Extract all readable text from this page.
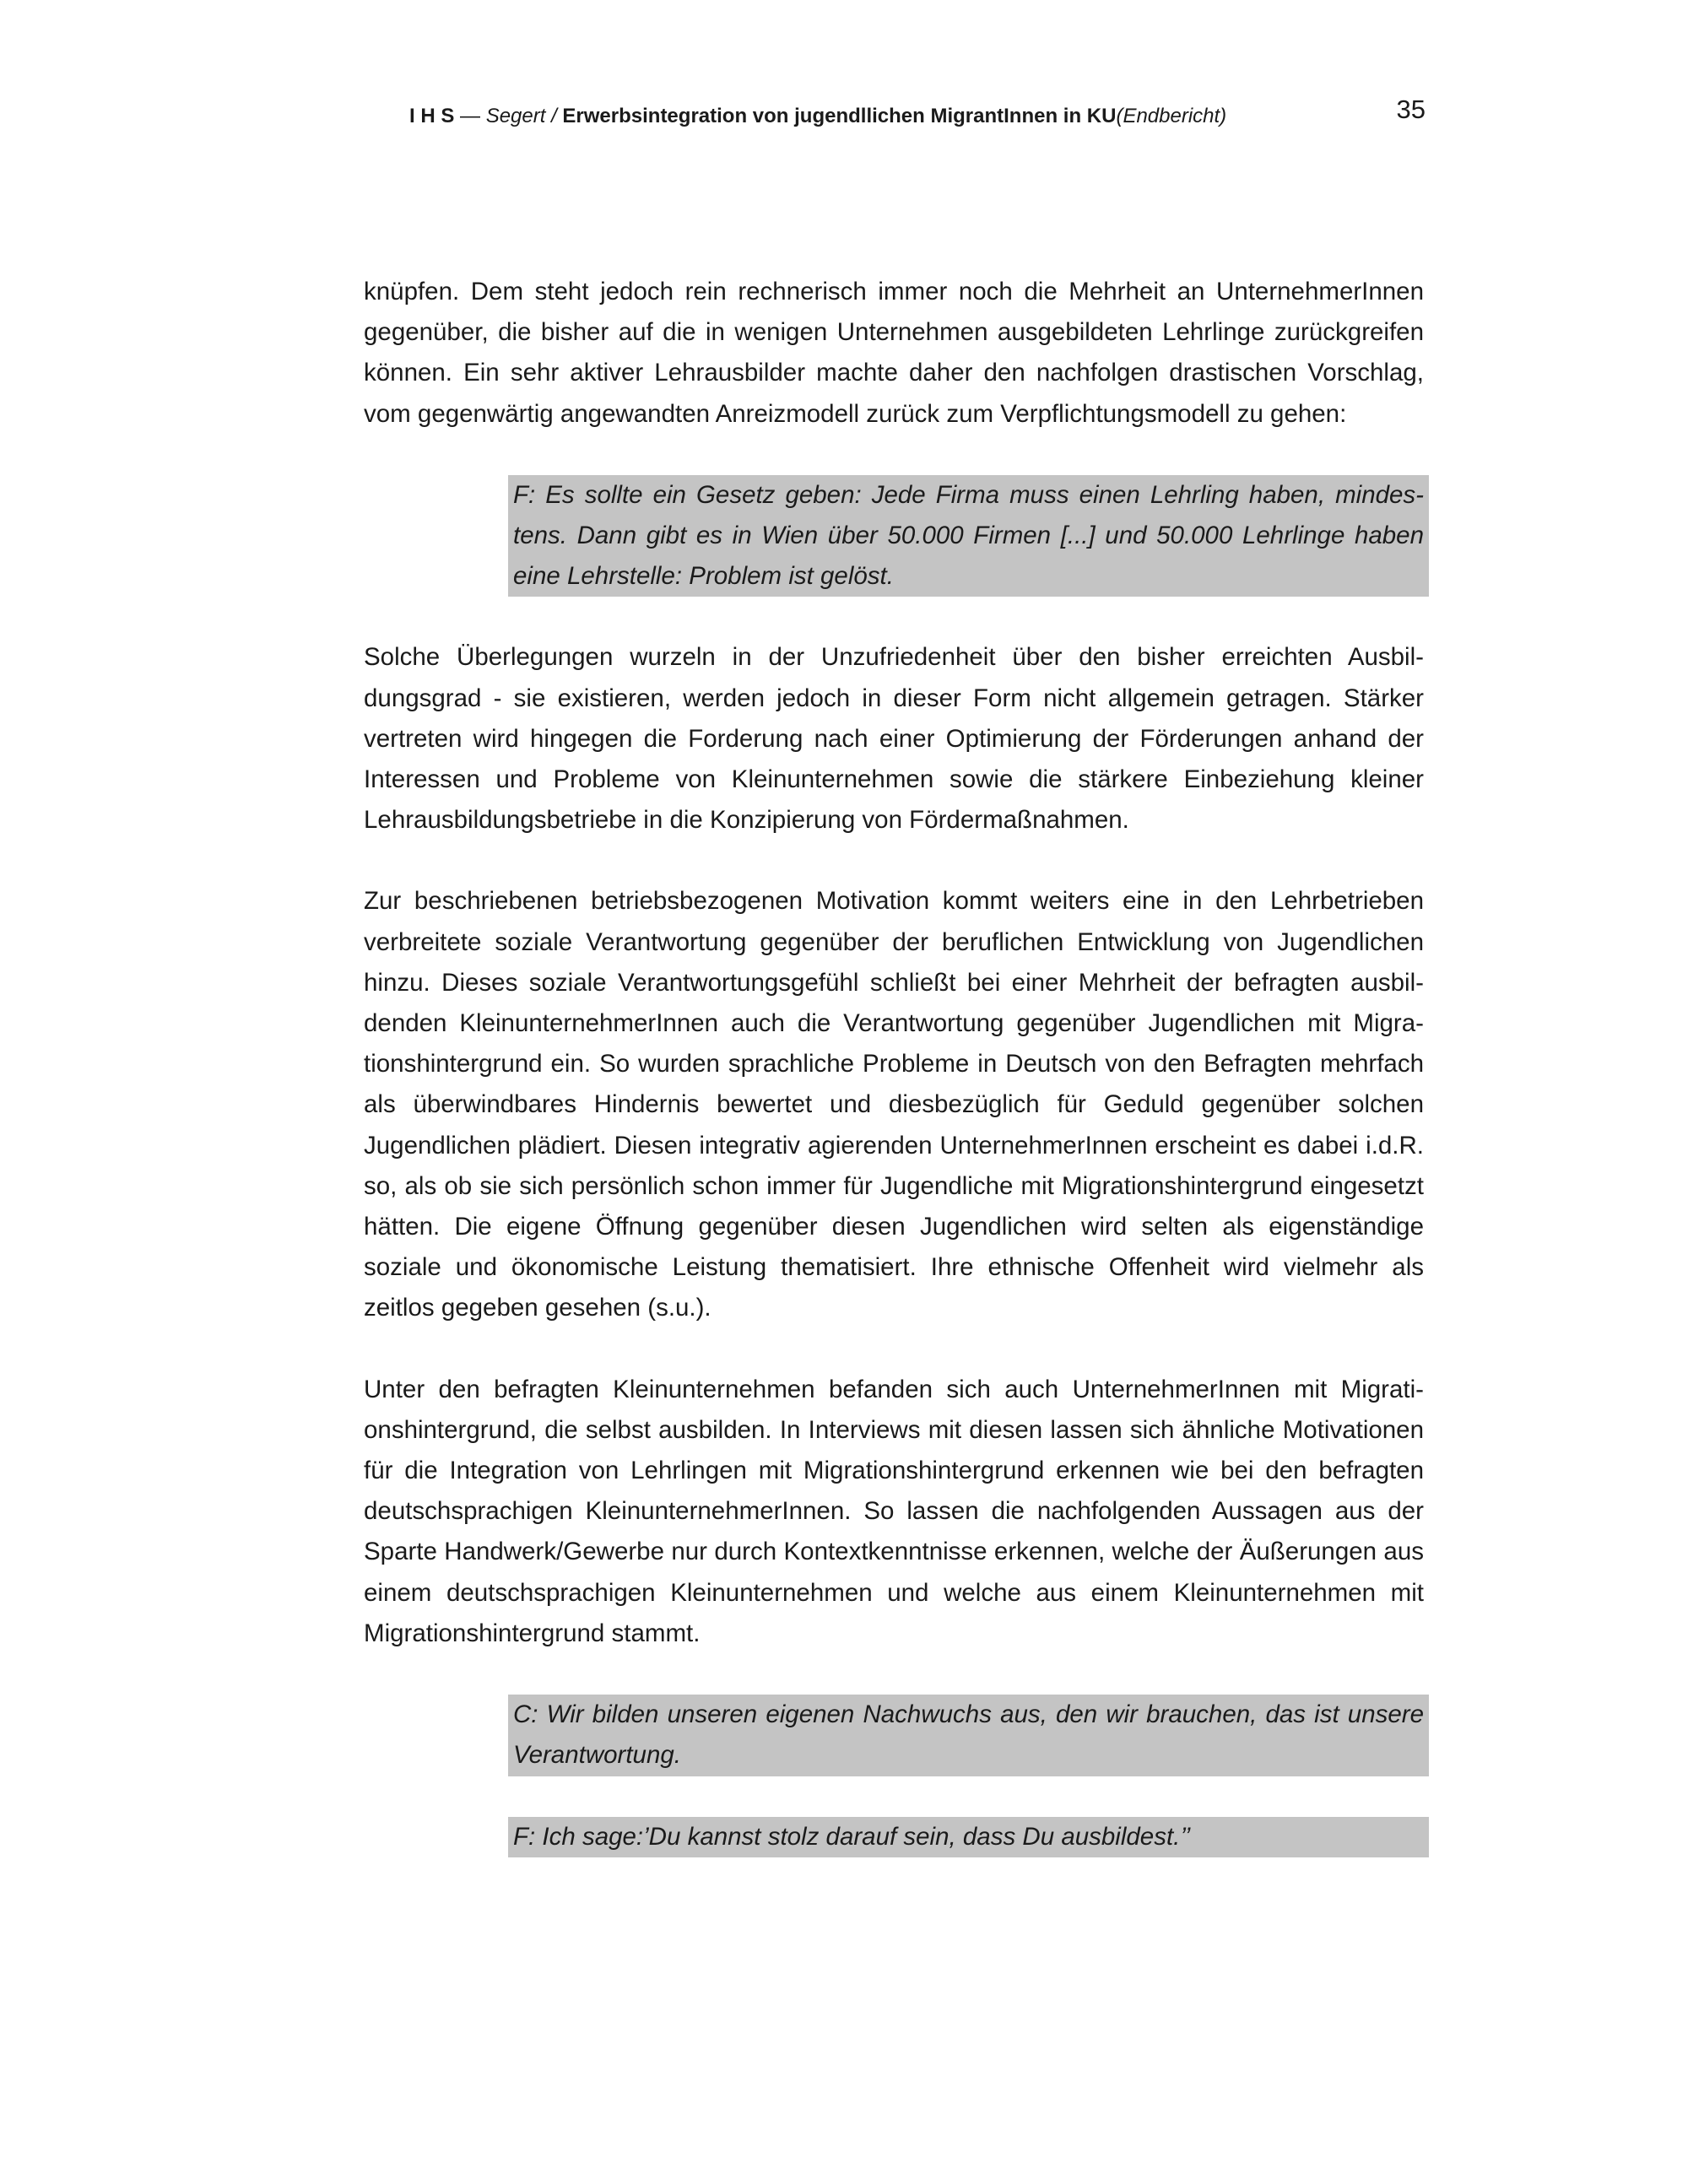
I H S — Segert / Erwerbsintegration von jugendllichen MigrantInnen in KU(Endbericht)	35

knüpfen. Dem steht jedoch rein rechnerisch immer noch die Mehrheit an UnternehmerInnen gegenüber, die bisher auf die in wenigen Unternehmen ausgebildeten Lehrlinge zurückgreifen können. Ein sehr aktiver Lehrausbilder machte daher den nachfolgen drastischen Vorschlag, vom gegenwärtig angewandten Anreizmodell zurück zum Verpflichtungsmodell zu gehen:

F: Es sollte ein Gesetz geben: Jede Firma muss einen Lehrling haben, mindestens. Dann gibt es in Wien über 50.000 Firmen [...] und 50.000 Lehrlinge haben eine Lehrstelle: Problem ist gelöst.

Solche Überlegungen wurzeln in der Unzufriedenheit über den bisher erreichten Ausbildungsgrad - sie existieren, werden jedoch in dieser Form nicht allgemein getragen. Stärker vertreten wird hingegen die Forderung nach einer Optimierung der Förderungen anhand der Interessen und Probleme von Kleinunternehmen sowie die stärkere Einbeziehung kleiner Lehrausbildungsbetriebe in die Konzipierung von Fördermaßnahmen.

Zur beschriebenen betriebsbezogenen Motivation kommt weiters eine in den Lehrbetrieben verbreitete soziale Verantwortung gegenüber der beruflichen Entwicklung von Jugendlichen hinzu. Dieses soziale Verantwortungsgefühl schließt bei einer Mehrheit der befragten ausbildenden KleinunternehmerInnen auch die Verantwortung gegenüber Jugendlichen mit Migrationshintergrund ein. So wurden sprachliche Probleme in Deutsch von den Befragten mehrfach als überwindbares Hindernis bewertet und diesbezüglich für Geduld gegenüber solchen Jugendlichen plädiert. Diesen integrativ agierenden UnternehmerInnen erscheint es dabei i.d.R. so, als ob sie sich persönlich schon immer für Jugendliche mit Migrationshintergrund eingesetzt hätten. Die eigene Öffnung gegenüber diesen Jugendlichen wird selten als eigenständige soziale und ökonomische Leistung thematisiert. Ihre ethnische Offenheit wird vielmehr als zeitlos gegeben gesehen (s.u.).

Unter den befragten Kleinunternehmen befanden sich auch UnternehmerInnen mit Migrationshintergrund, die selbst ausbilden. In Interviews mit diesen lassen sich ähnliche Motivationen für die Integration von Lehrlingen mit Migrationshintergrund erkennen wie bei den befragten deutschsprachigen KleinunternehmerInnen. So lassen die nachfolgenden Aussagen aus der Sparte Handwerk/Gewerbe nur durch Kontextkenntnisse erkennen, welche der Äußerungen aus einem deutschsprachigen Kleinunternehmen und welche aus einem Kleinunternehmen mit Migrationshintergrund stammt.

C: Wir bilden unseren eigenen Nachwuchs aus, den wir brauchen, das ist unsere Verantwortung.

F: Ich sage:’Du kannst stolz darauf sein, dass Du ausbildest.’’
